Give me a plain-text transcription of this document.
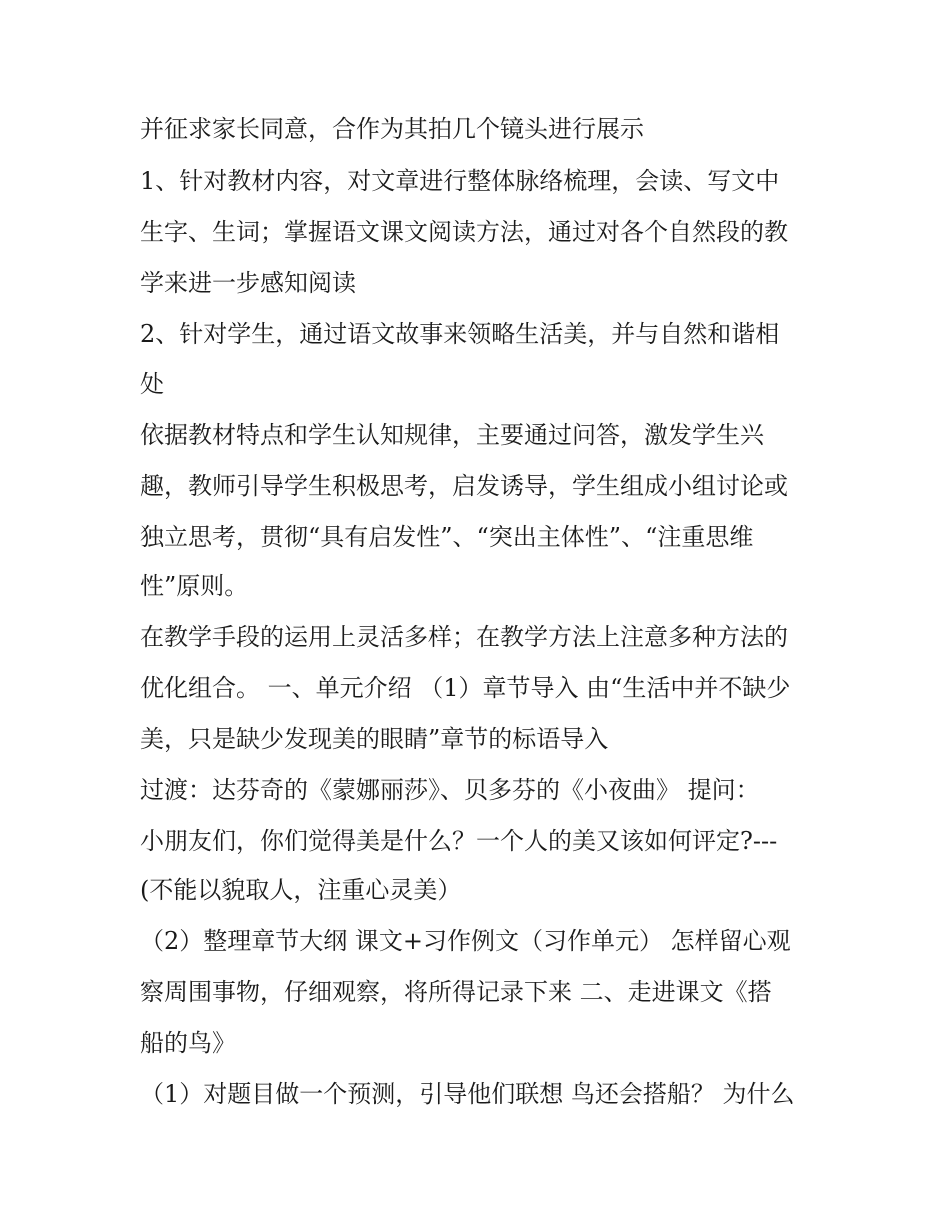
并征求家长同意，合作为其拍几个镜头进行展示
1、针对教材内容，对文章进行整体脉络梳理，会读、写文中
生字、生词；掌握语文课文阅读方法，通过对各个自然段的教
学来进一步感知阅读
2、针对学生，通过语文故事来领略生活美，并与自然和谐相
处
依据教材特点和学生认知规律，主要通过问答，激发学生兴
趣，教师引导学生积极思考，启发诱导，学生组成小组讨论或
独立思考，贯彻“具有启发性”、“突出主体性”、“注重思维
性”原则。
在教学手段的运用上灵活多样；在教学方法上注意多种方法的
优化组合。 一、单元介绍 （1）章节导入 由“生活中并不缺少
美，只是缺少发现美的眼睛”章节的标语导入
过渡：达芬奇的《蒙娜丽莎》、贝多芬的《小夜曲》 提问：
小朋友们，你们觉得美是什么？一个人的美又该如何评定?---
(不能以貌取人，注重心灵美）
（2）整理章节大纲 课文+习作例文（习作单元） 怎样留心观
察周围事物，仔细观察，将所得记录下来 二、走进课文《搭
船的鸟》
（1）对题目做一个预测，引导他们联想 鸟还会搭船？ 为什么
